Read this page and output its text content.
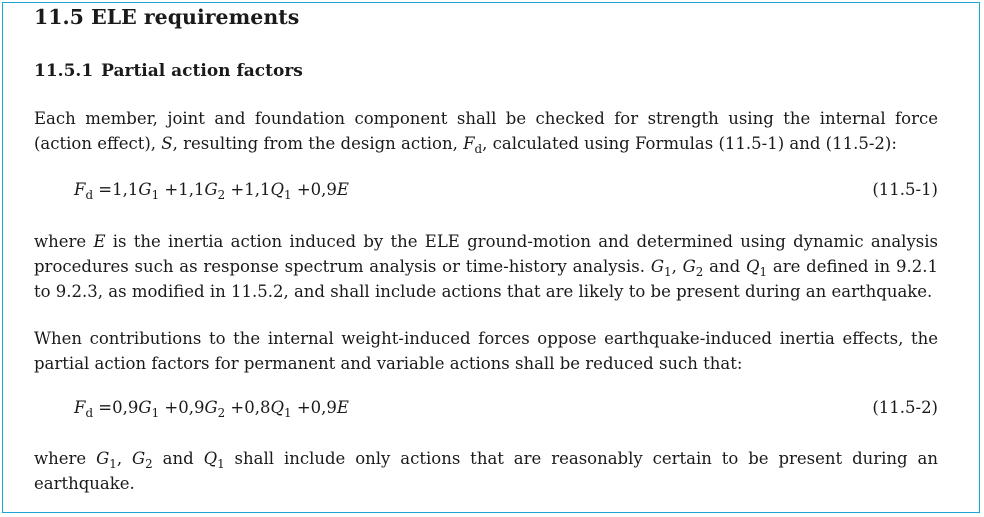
11.5 ELE requirements
11.5.1 Partial action factors
Each member, joint and foundation component shall be checked for strength using the internal force
(action effect), S, resulting from the design action, $F_d$, calculated using Formulas (11.5-1) and (11.5-2):
$F_d =1,1G_1 +1,1G_2 +1,1Q_1 +0,9E$	(11.5-1)
where E is the inertia action induced by the ELE ground-motion and determined using dynamic analysis
procedures such as response spectrum analysis or time-history analysis. $G_1$, $G_2$ and $Q_1$ are defined in 9.2.1
to 9.2.3, as modified in 11.5.2, and shall include actions that are likely to be present during an earthquake.
When contributions to the internal weight-induced forces oppose earthquake-induced inertia effects, the
partial action factors for permanent and variable actions shall be reduced such that:
$F_d =0,9G_1 +0,9G_2 +0,8Q_1 +0,9E$	(11.5-2)
where $G_1$, $G_2$ and $Q_1$ shall include only actions that are reasonably certain to be present during an
earthquake.
